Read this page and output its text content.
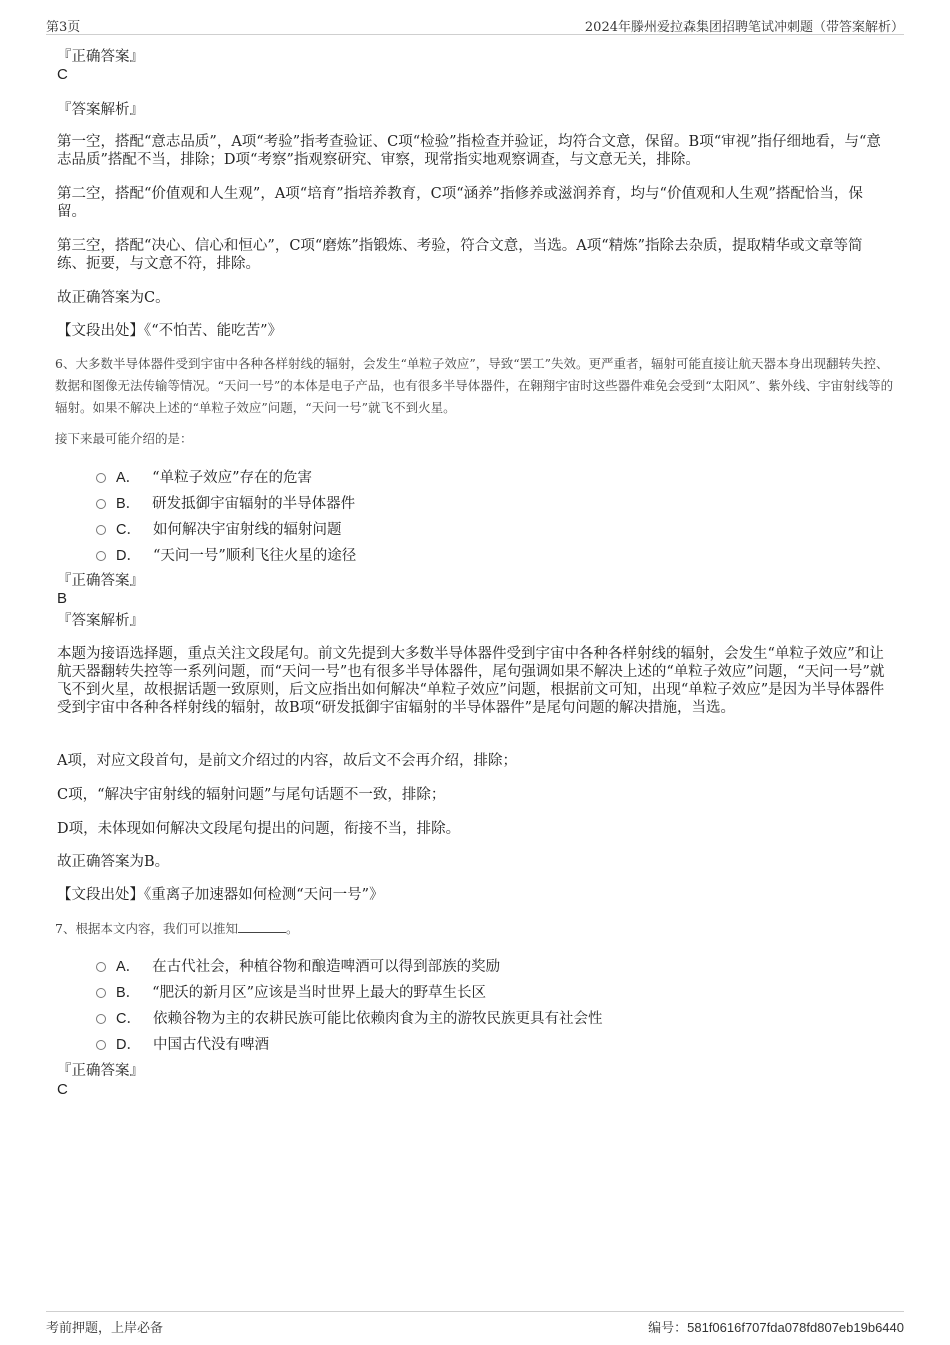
第3页	2024年滕州爱拉森集团招聘笔试冲刺题（带答案解析）
『正确答案』
C
『答案解析』
第一空，搭配“意志品质”，A项“考验”指考查验证、C项“检验”指检查并验证，均符合文意，保留。B项“审视”指仔细地看，与“意志品质”搭配不当，排除；D项“考察”指观察研究、审察，现常指实地观察调查，与文意无关，排除。
第二空，搭配“价值观和人生观”，A项“培育”指培养教育，C项“涵养”指修养或滋润养育，均与“价值观和人生观”搭配恰当，保留。
第三空，搭配“决心、信心和恒心”，C项“磨炼”指锻炼、考验，符合文意，当选。A项“精炼”指除去杂质，提取精华或文章等简练、扼要，与文意不符，排除。
故正确答案为C。
【文段出处】《“不怕苦、能吃苦”》
6、大多数半导体器件受到宇宙中各种各样射线的辐射，会发生“单粒子效应”，导致“罢工”失效。更严重者，辐射可能直接让航天器本身出现翻转失控、数据和图像无法传输等情况。“天问一号”的本体是电子产品，也有很多半导体器件，在翱翔宇宙时这些器件难免会受到“太阳风”、紫外线、宇宙射线等的辐射。如果不解决上述的“单粒子效应”问题，“天问一号”就飞不到火星。
接下来最可能介绍的是：
A． “单粒子效应”存在的危害
B． 研发抵御宇宙辐射的半导体器件
C． 如何解决宇宙射线的辐射问题
D． “天问一号”顺利飞往火星的途径
『正确答案』
B
『答案解析』
本题为接语选择题，重点关注文段尾句。前文先提到大多数半导体器件受到宇宙中各种各样射线的辐射，会发生“单粒子效应”和让航天器翻转失控等一系列问题，而“天问一号”也有很多半导体器件，尾句强调如果不解决上述的“单粒子效应”问题，“天问一号”就飞不到火星，故根据话题一致原则，后文应指出如何解决“单粒子效应”问题，根据前文可知，出现“单粒子效应”是因为半导体器件受到宇宙中各种各样射线的辐射，故B项“研发抵御宇宙辐射的半导体器件”是尾句问题的解决措施，当选。
A项，对应文段首句，是前文介绍过的内容，故后文不会再介绍，排除；
C项，“解决宇宙射线的辐射问题”与尾句话题不一致，排除；
D项，未体现如何解决文段尾句提出的问题，衔接不当，排除。
故正确答案为B。
【文段出处】《重离子加速器如何检测“天问一号”》
7、根据本文内容，我们可以推知	。
A． 在古代社会，种植谷物和酿造啤酒可以得到部族的奖励
B． “肥沃的新月区”应该是当时世界上最大的野草生长区
C． 依赖谷物为主的农耕民族可能比依赖肉食为主的游牧民族更具有社会性
D． 中国古代没有啤酒
『正确答案』
C
考前押题，上岸必备	编号：581f0616f707fda078fd807eb19b6440
